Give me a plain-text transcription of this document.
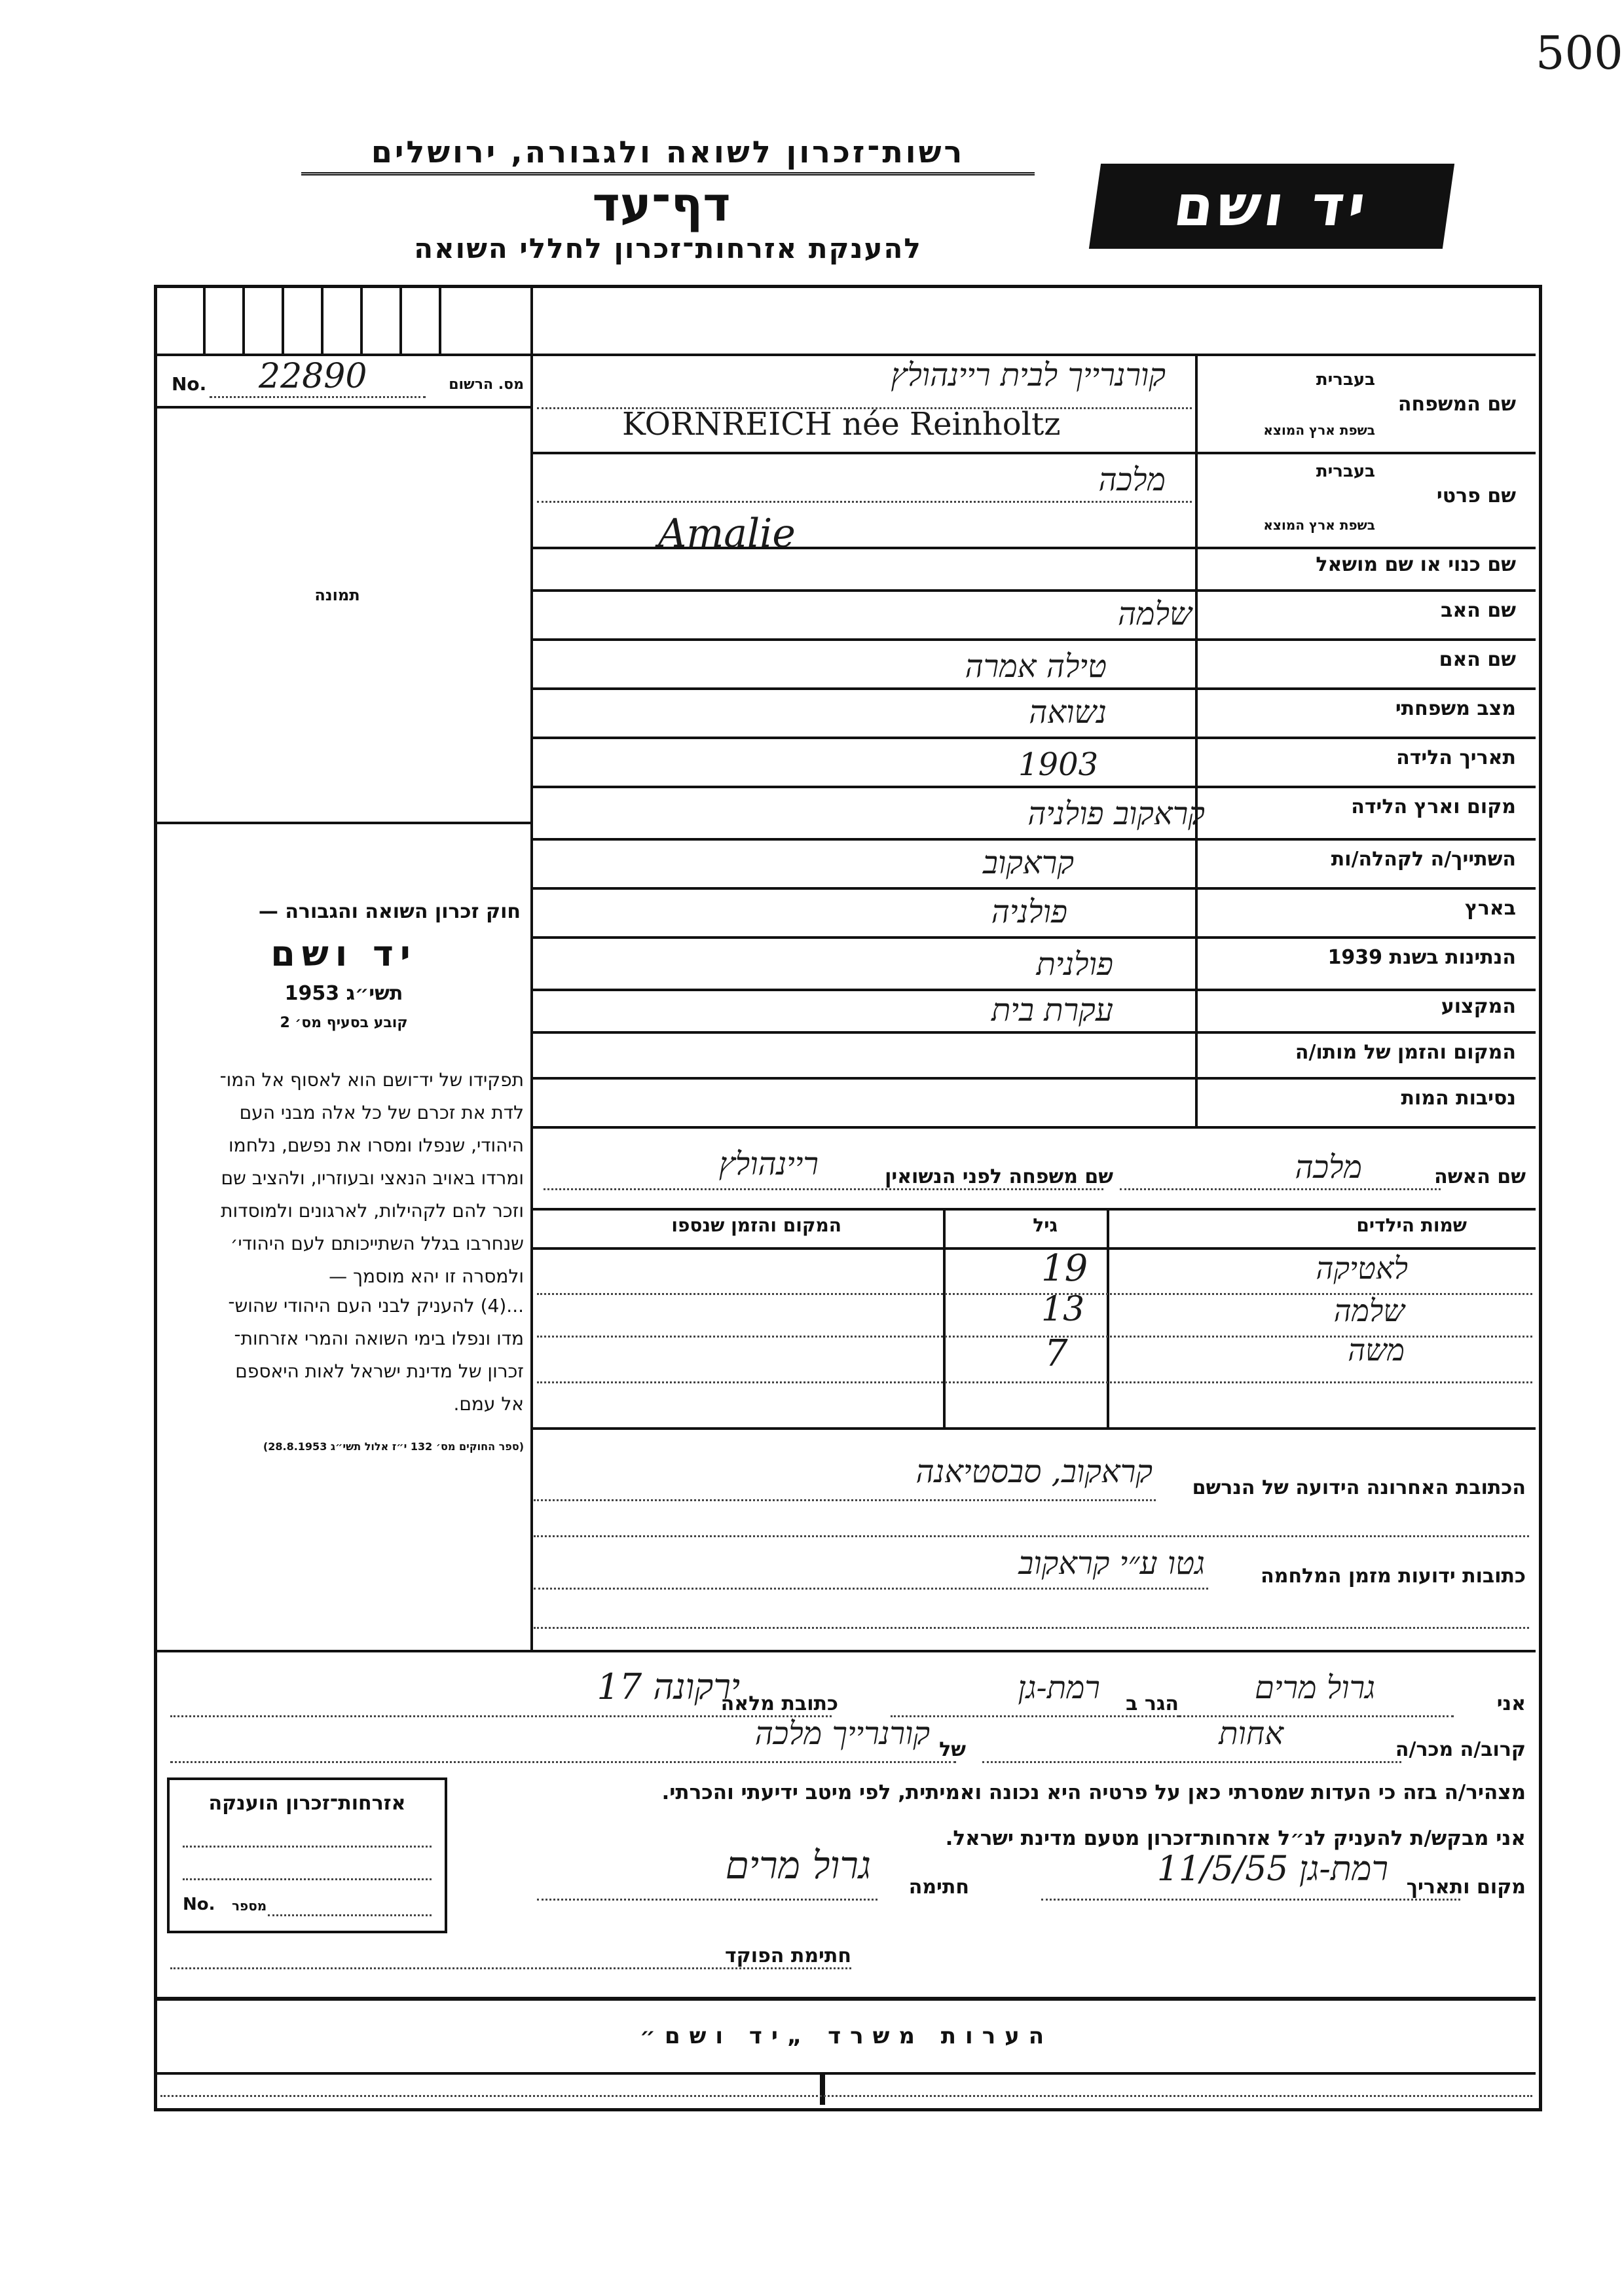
500
רשות־זכרון לשואה ולגבורה, ירושלים
דף־עד
להענקת אזרחות־זכרון לחללי השואה
יד ושם
No. 22890	מס. הרשום
תמונה
חוק זכרון השואה והגבורה —
יד ושם
תשי״ג 1953
קובע בסעיף מס׳ 2
תפקידו של יד־ושם הוא לאסוף אל המו־
לדת את זכרם של כל אלה מבני העם
היהודי, שנפלו ומסרו את נפשם, נלחמו
ומרדו באויב הנאצי ובעוזריו, ולהציב שם
וזכר להם לקהילות, לארגונים ולמוסדות
שנחרבו בגלל השתייכותם לעם היהודי׳
ולמסרה זו יהא מוסמך —
...(4) להעניק לבני העם היהודי שהוש־
מדו ונפלו בימי השואה והמרי אזרחות־
זכרון של מדינת ישראל לאות היאספם
אל עמם.
(ספר החוקים מס׳ 132 י״ז אלול תשי״ג 28.8.1953)
בעברית
שם המשפחה
בשפת ארץ המוצא
קורנרייך לבית ריינהולץ
KORNREICH née Reinholtz
בעברית
שם פרטי
בשפת ארץ המוצא
מלכה
Amalie
שם כנוי או שם מושאל
שם האב
שלמה
שם האם
טילה אמרה
מצב משפחתי
נשואה
תאריך הלידה
1903
מקום וארץ הלידה
קראקוב פולניה
השתייך/ה לקהלה/ות
קראקוב
בארץ
פולניה
הנתינות בשנת 1939
פולנית
המקצוע
עקרת בית
המקום והזמן של מותו/ה
נסיבות המות
שם האשה
מלכה
שם משפחה לפני הנשואין
ריינהולץ
שמות הילדים
גיל
המקום והזמן שנספו
לאטיקה
19
שלמה
13
משה
7
הכתובת האחרונה הידועה של הנרשם
קראקוב, סבסטיאנה
כתובות ידועות מזמן המלחמה
גטו ע״י קראקוב
אני
גרול מרים
הגר ב
רמת-גן
כתובת מלאה
ירקונה 17
קרוב/ה מכר/ה
אחות
של
קורנרייך מלכה
מצהיר/ה בזה כי העדות שמסרתי כאן על פרטיה היא נכונה ואמיתית, לפי מיטב ידיעתי והכרתי.
אני מבקש/ת להעניק לנ״ל אזרחות־זכרון מטעם מדינת ישראל.
מקום ותאריך
רמת-גן 11/5/55
חתימה
גרול מרים
חתימת הפוקד
אזרחות־זכרון הוענקה
No. מספר
הערות משרד „יד ושם״
